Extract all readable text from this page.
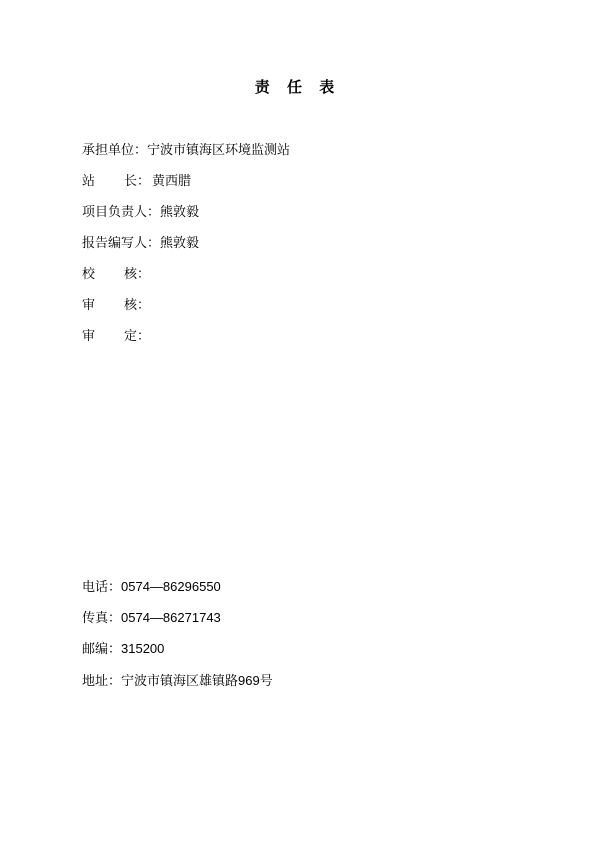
责 任 表
承担单位：宁波市镇海区环境监测站
站 长： 黄西腊
项目负责人：熊敦毅
报告编写人：熊敦毅
校 核：
审 核：
审 定：
电话：0574—86296550
传真：0574—86271743
邮编：315200
地址：宁波市镇海区雄镇路969号
